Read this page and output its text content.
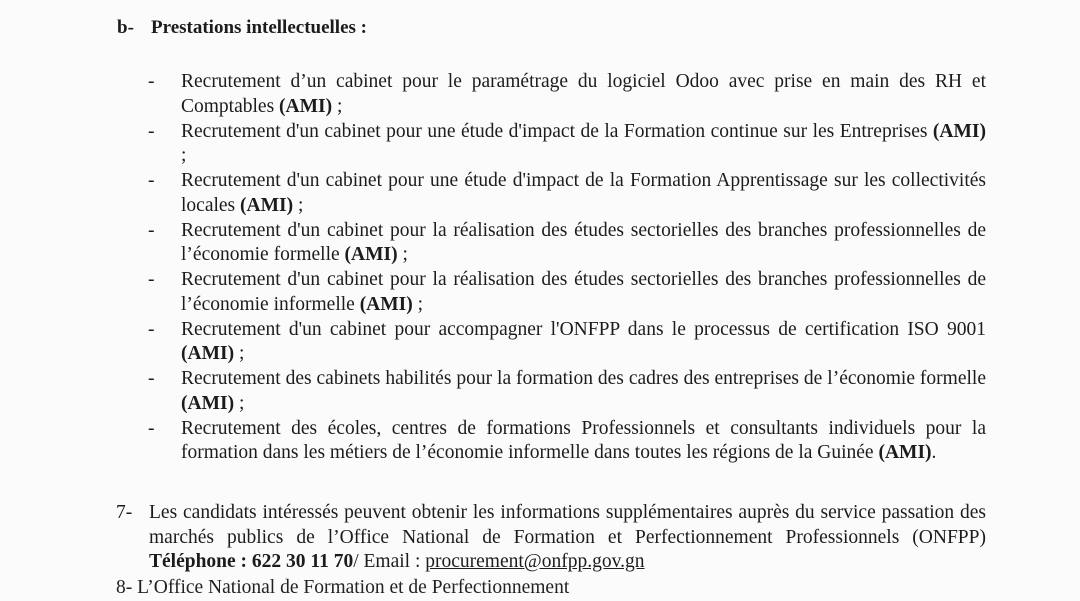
b- Prestations intellectuelles :
-	Recrutement d’un cabinet pour le paramétrage du logiciel Odoo avec prise en main des RH et Comptables (AMI) ;
-	Recrutement d'un cabinet pour une étude d'impact de la Formation continue sur les Entreprises (AMI) ;
-	Recrutement d'un cabinet pour une étude d'impact de la Formation Apprentissage sur les collectivités locales (AMI) ;
-	Recrutement d'un cabinet pour la réalisation des études sectorielles des branches professionnelles de l’économie formelle (AMI) ;
-	Recrutement d'un cabinet pour la réalisation des études sectorielles des branches professionnelles de l’économie informelle (AMI) ;
-	Recrutement d'un cabinet pour accompagner l'ONFPP dans le processus de certification ISO 9001 (AMI) ;
-	Recrutement des cabinets habilités pour la formation des cadres des entreprises de l’économie formelle (AMI) ;
-	Recrutement des écoles, centres de formations Professionnels et consultants individuels pour la formation dans les métiers de l’économie informelle dans toutes les régions de la Guinée (AMI).
7- Les candidats intéressés peuvent obtenir les informations supplémentaires auprès du service passation des marchés publics de l’Office National de Formation et Perfectionnement Professionnels (ONFPP) Téléphone : 622 30 11 70/ Email : procurement@onfpp.gov.gn
8- L’Office National de Formation et de Perfectionnement
